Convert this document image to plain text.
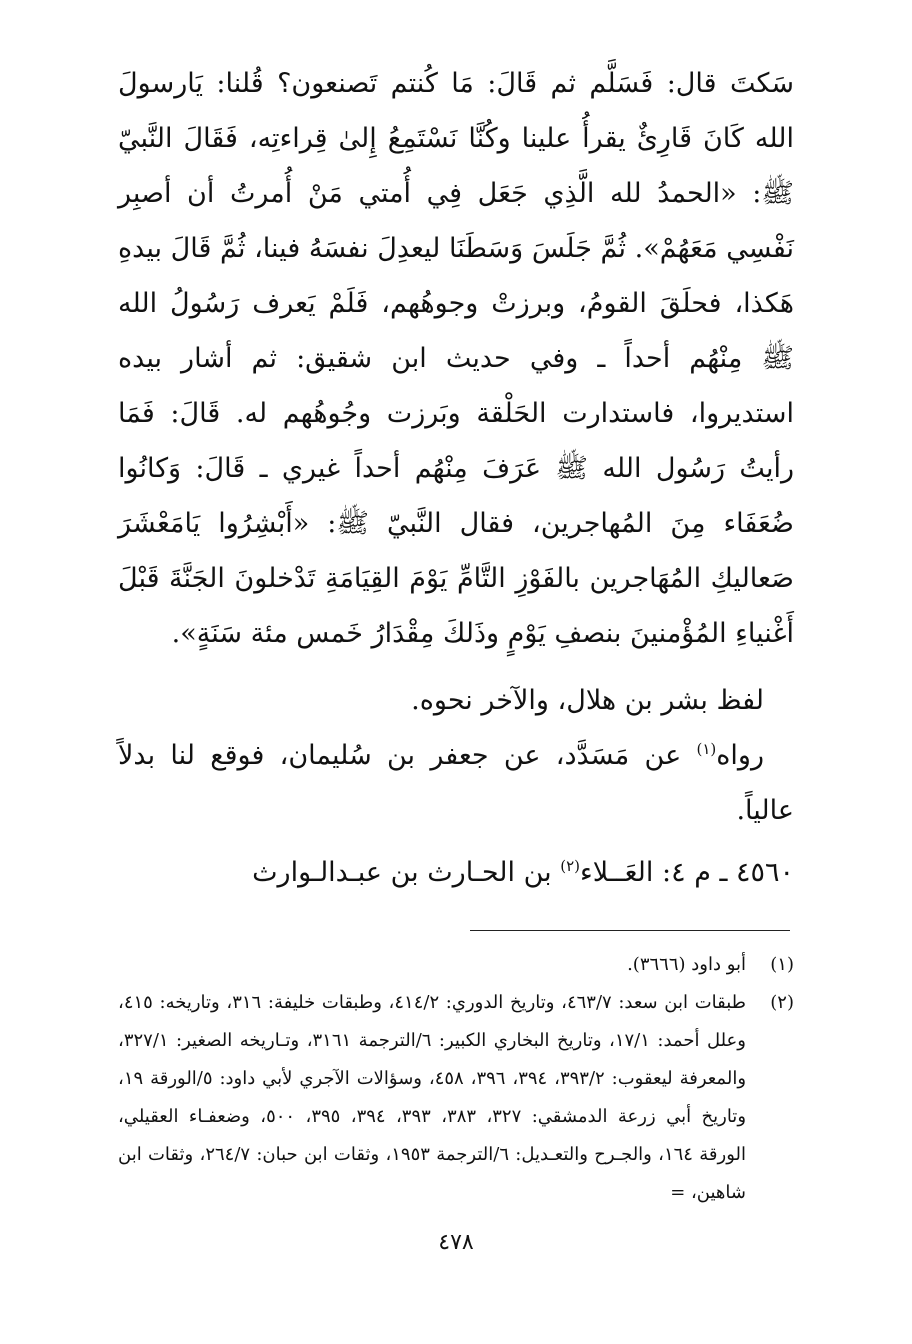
سَكتَ قال: فَسَلَّم ثم قَالَ: مَا كُنتم تَصنعون؟ قُلنا: يَارسولَ الله كَانَ قَارِئٌ يقرأُ علينا وكُنَّا نَسْتَمِعُ إِلىٰ قِراءتِه، فَقَالَ النَّبيّ ﷺ: «الحمدُ لله الَّذِي جَعَل فِي أُمتي مَنْ أُمرتُ أن أصبِر نَفْسِي مَعَهُمْ». ثُمَّ جَلَسَ وَسَطَنَا ليعدِلَ نفسَهُ فينا، ثُمَّ قَالَ بيدهِ هَكذا، فحلَقَ القومُ، وبرزتْ وجوهُهم، فَلَمْ يَعرف رَسُولُ الله ﷺ مِنْهُم أحداً ـ وفي حديث ابن شقيق: ثم أشار بيده استديروا، فاستدارت الحَلْقة وبَرزت وجُوهُهم له. قَالَ: فَمَا رأيتُ رَسُول الله ﷺ عَرَفَ مِنْهُم أحداً غيري ـ قَالَ: وَكانُوا ضُعَفَاء مِنَ المُهاجرين، فقال النَّبيّ ﷺ: «أَبْشِرُوا يَامَعْشَرَ صَعاليكِ المُهَاجرين بالفَوْزِ التَّامِّ يَوْمَ القِيَامَةِ تَدْخلونَ الجَنَّةَ قَبْلَ أَغْنياءِ المُؤْمنينَ بنصفِ يَوْمٍ وذَلكَ مِقْدَارُ خَمس مئة سَنَةٍ».

لفظ بشر بن هلال، والآخر نحوه.

رواه$^{(١)}$ عن مَسَدَّد، عن جعفر بن سُليمان، فوقع لنا بدلاً عالياً.

٤٥٦٠ ـ م ٤: العَــلاء$^{(٢)}$ بن الحـارث بن عبـدالـوارث
(١)
أبو داود (٣٦٦٦).
(٢)
طبقات ابن سعد: ٤٦٣/٧، وتاريخ الدوري: ٤١٤/٢، وطبقات خليفة: ٣١٦، وتاريخه: ٤١٥، وعلل أحمد: ١٧/١، وتاريخ البخاري الكبير: ٦/الترجمة ٣١٦١، وتـاريخه الصغير: ٣٢٧/١، والمعرفة ليعقوب: ٣٩٣/٢، ٣٩٤، ٣٩٦، ٤٥٨، وسؤالات الآجري لأبي داود: ٥/الورقة ١٩، وتاريخ أبي زرعة الدمشقي: ٣٢٧، ٣٨٣، ٣٩٣، ٣٩٤، ٣٩٥، ٥٠٠، وضعفـاء العقيلي، الورقة ١٦٤، والجـرح والتعـديل: ٦/الترجمة ١٩٥٣، وثقات ابن حبان: ٢٦٤/٧، وثقات ابن شاهين، =
٤٧٨
